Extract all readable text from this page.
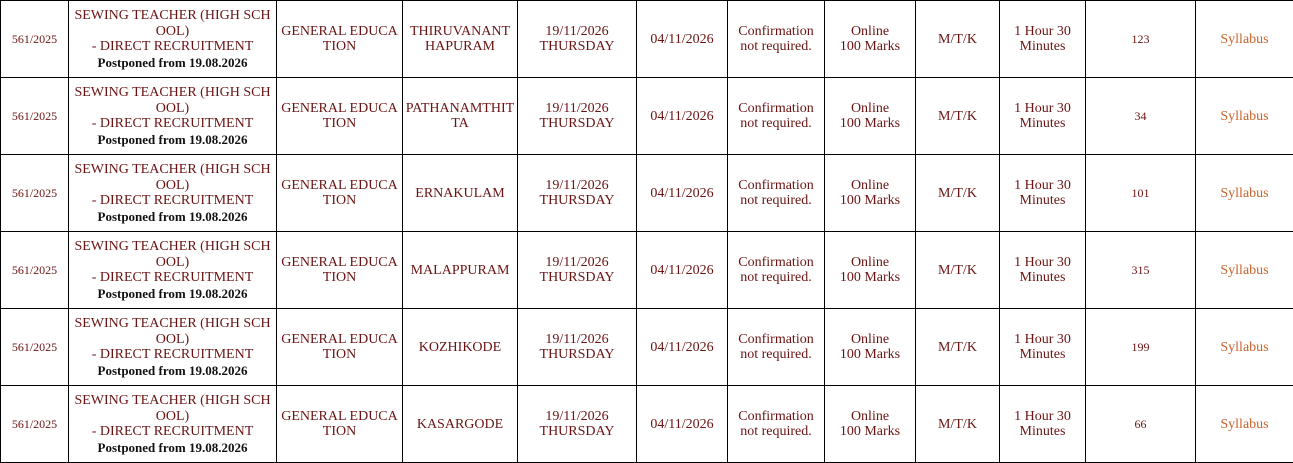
561/2025	SEWING TEACHER (HIGH SCHOOL)
- DIRECT RECRUITMENT
Postponed from 19.08.2026	GENERAL EDUCATION	THIRUVANANTHAPURAM	19/11/2026
THURSDAY	04/11/2026	Confirmation
not required.	Online
100 Marks	M/T/K	1 Hour 30
Minutes	123	Syllabus
561/2025	SEWING TEACHER (HIGH SCHOOL)
- DIRECT RECRUITMENT
Postponed from 19.08.2026	GENERAL EDUCATION	PATHANAMTHITTA	19/11/2026
THURSDAY	04/11/2026	Confirmation
not required.	Online
100 Marks	M/T/K	1 Hour 30
Minutes	34	Syllabus
561/2025	SEWING TEACHER (HIGH SCHOOL)
- DIRECT RECRUITMENT
Postponed from 19.08.2026	GENERAL EDUCATION	ERNAKULAM	19/11/2026
THURSDAY	04/11/2026	Confirmation
not required.	Online
100 Marks	M/T/K	1 Hour 30
Minutes	101	Syllabus
561/2025	SEWING TEACHER (HIGH SCHOOL)
- DIRECT RECRUITMENT
Postponed from 19.08.2026	GENERAL EDUCATION	MALAPPURAM	19/11/2026
THURSDAY	04/11/2026	Confirmation
not required.	Online
100 Marks	M/T/K	1 Hour 30
Minutes	315	Syllabus
561/2025	SEWING TEACHER (HIGH SCHOOL)
- DIRECT RECRUITMENT
Postponed from 19.08.2026	GENERAL EDUCATION	KOZHIKODE	19/11/2026
THURSDAY	04/11/2026	Confirmation
not required.	Online
100 Marks	M/T/K	1 Hour 30
Minutes	199	Syllabus
561/2025	SEWING TEACHER (HIGH SCHOOL)
- DIRECT RECRUITMENT
Postponed from 19.08.2026	GENERAL EDUCATION	KASARGODE	19/11/2026
THURSDAY	04/11/2026	Confirmation
not required.	Online
100 Marks	M/T/K	1 Hour 30
Minutes	66	Syllabus
